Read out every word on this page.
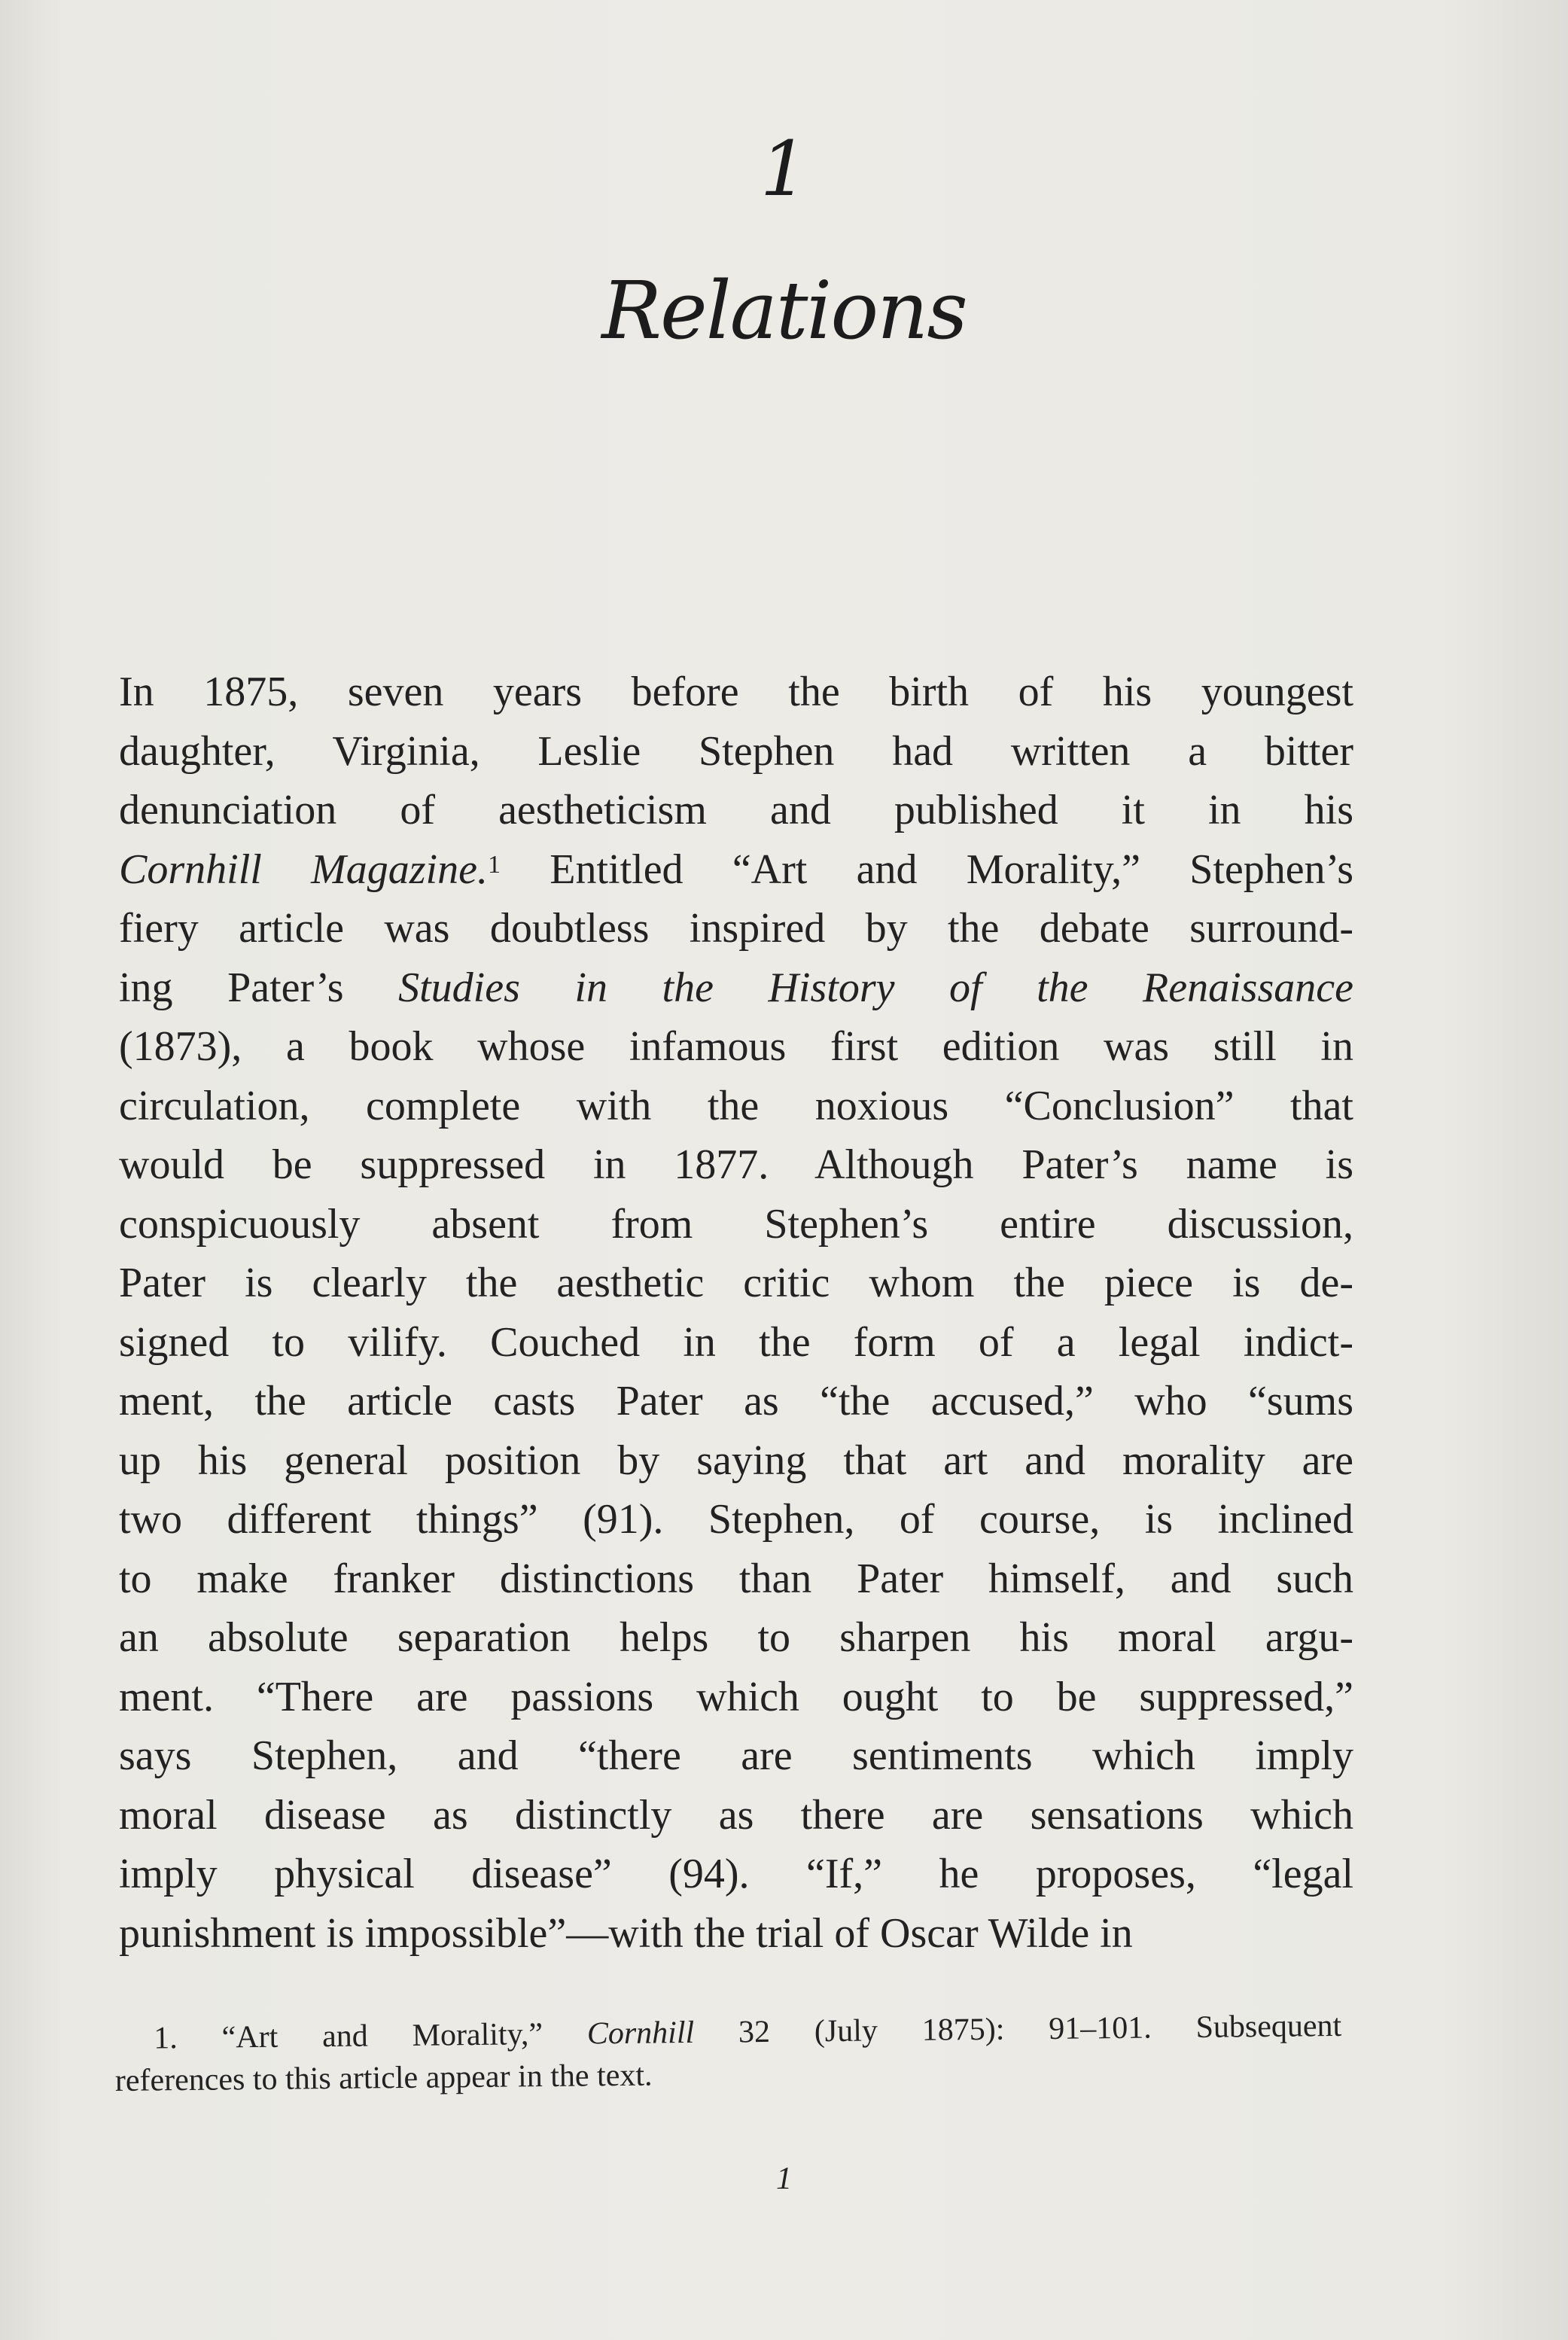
1
Relations
In 1875, seven years before the birth of his youngest
daughter, Virginia, Leslie Stephen had written a bitter
denunciation of aestheticism and published it in his
Cornhill Magazine.$^1$ Entitled “Art and Morality,” Stephen’s
fiery article was doubtless inspired by the debate surround-
ing Pater’s Studies in the History of the Renaissance
(1873), a book whose infamous first edition was still in
circulation, complete with the noxious “Conclusion” that
would be suppressed in 1877. Although Pater’s name is
conspicuously absent from Stephen’s entire discussion,
Pater is clearly the aesthetic critic whom the piece is de-
signed to vilify. Couched in the form of a legal indict-
ment, the article casts Pater as “the accused,” who “sums
up his general position by saying that art and morality are
two different things” (91). Stephen, of course, is inclined
to make franker distinctions than Pater himself, and such
an absolute separation helps to sharpen his moral argu-
ment. “There are passions which ought to be suppressed,”
says Stephen, and “there are sentiments which imply
moral disease as distinctly as there are sensations which
imply physical disease” (94). “If,” he proposes, “legal
punishment is impossible”—with the trial of Oscar Wilde in
1. “Art and Morality,” Cornhill 32 (July 1875): 91–101. Subsequent
references to this article appear in the text.
1
